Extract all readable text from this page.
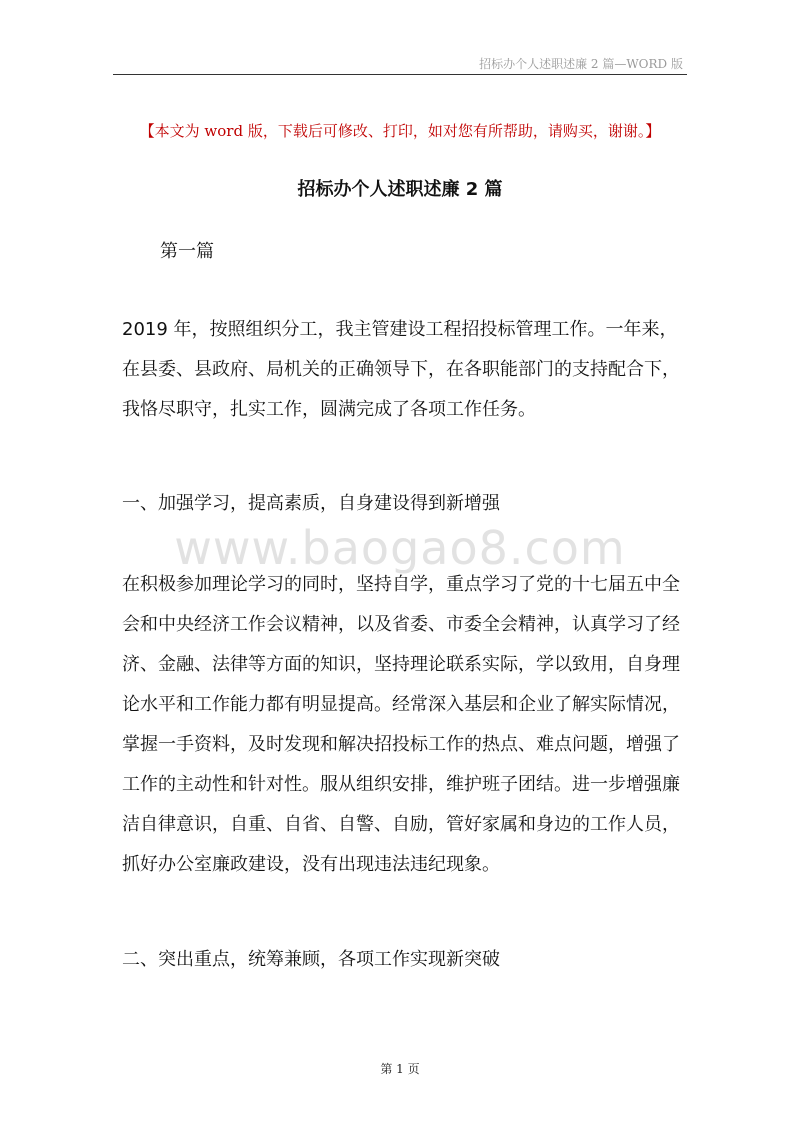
招标办个人述职述廉 2 篇—WORD 版
【本文为 word 版，下载后可修改、打印，如对您有所帮助，请购买，谢谢。】
招标办个人述职述廉 2 篇
第一篇
2019 年，按照组织分工，我主管建设工程招投标管理工作。一年来，在县委、县政府、局机关的正确领导下，在各职能部门的支持配合下，我恪尽职守，扎实工作，圆满完成了各项工作任务。
一、加强学习，提高素质，自身建设得到新增强
www.baogao8.com
在积极参加理论学习的同时，坚持自学，重点学习了党的十七届五中全会和中央经济工作会议精神，以及省委、市委全会精神，认真学习了经济、金融、法律等方面的知识，坚持理论联系实际，学以致用，自身理论水平和工作能力都有明显提高。经常深入基层和企业了解实际情况，掌握一手资料，及时发现和解决招投标工作的热点、难点问题，增强了工作的主动性和针对性。服从组织安排，维护班子团结。进一步增强廉洁自律意识，自重、自省、自警、自励，管好家属和身边的工作人员，抓好办公室廉政建设，没有出现违法违纪现象。
二、突出重点，统筹兼顾，各项工作实现新突破
第 1 页
